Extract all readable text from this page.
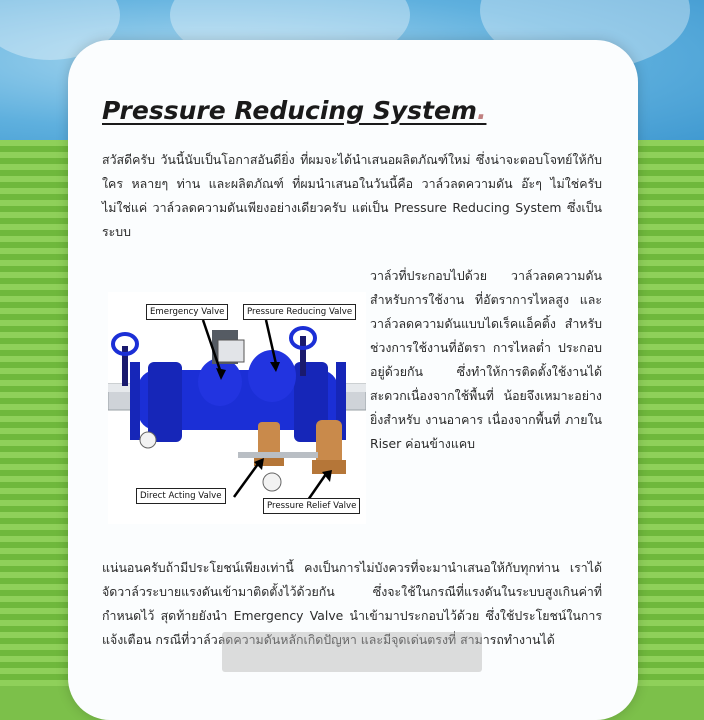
Pressure Reducing System.

สวัสดีครับ วันนี้นับเป็นโอกาสอันดียิ่ง ที่ผมจะได้นำเสนอผลิตภัณฑ์ใหม่ ซึ่งน่าจะตอบโจทย์ให้กับใคร หลายๆ ท่าน และผลิตภัณฑ์ ที่ผมนำเสนอในวันนี้คือ วาล์วลดความดัน อ๊ะๆ ไม่ใช่ครับ ไม่ใช่แค่ วาล์วลดความดันเพียงอย่างเดียวครับ แต่เป็น Pressure Reducing System ซึ่งเป็นระบบ

วาล์วที่ประกอบไปด้วย วาล์วลดความดันสำหรับการใช้งาน ที่อัตราการไหลสูง และ วาล์วลดความดันแบบไดเร็คแอ็คติ้ง สำหรับช่วงการใช้งานที่อัตรา การไหลต่ำ ประกอบอยู่ด้วยกัน ซึ่งทำให้การติดตั้งใช้งานได้สะดวกเนื่องจากใช้พื้นที่ น้อยจึงเหมาะอย่างยิ่งสำหรับ งานอาคาร เนื่องจากพื้นที่ ภายใน Riser ค่อนข้างแคบ

Emergency Valve	Pressure Reducing Valve
Direct Acting Valve
Pressure Relief Valve

แน่นอนครับถ้ามีประโยชน์เพียงเท่านี้ คงเป็นการไม่บังควรที่จะมานำเสนอให้กับทุกท่าน เราได้จัดวาล์วระบายแรงดันเข้ามาติดตั้งไว้ด้วยกัน ซึ่งจะใช้ในกรณีที่แรงดันในระบบสูงเกินค่าที่กำหนดไว้ สุดท้ายยังนำ Emergency Valve นำเข้ามาประกอบไว้ด้วย ซึ่งใช้ประโยชน์ในการแจ้งเตือน กรณีที่วาล์วลดความดันหลักเกิดปัญหา และมีจุดเด่นตรงที่ สามารถทำงานได้
